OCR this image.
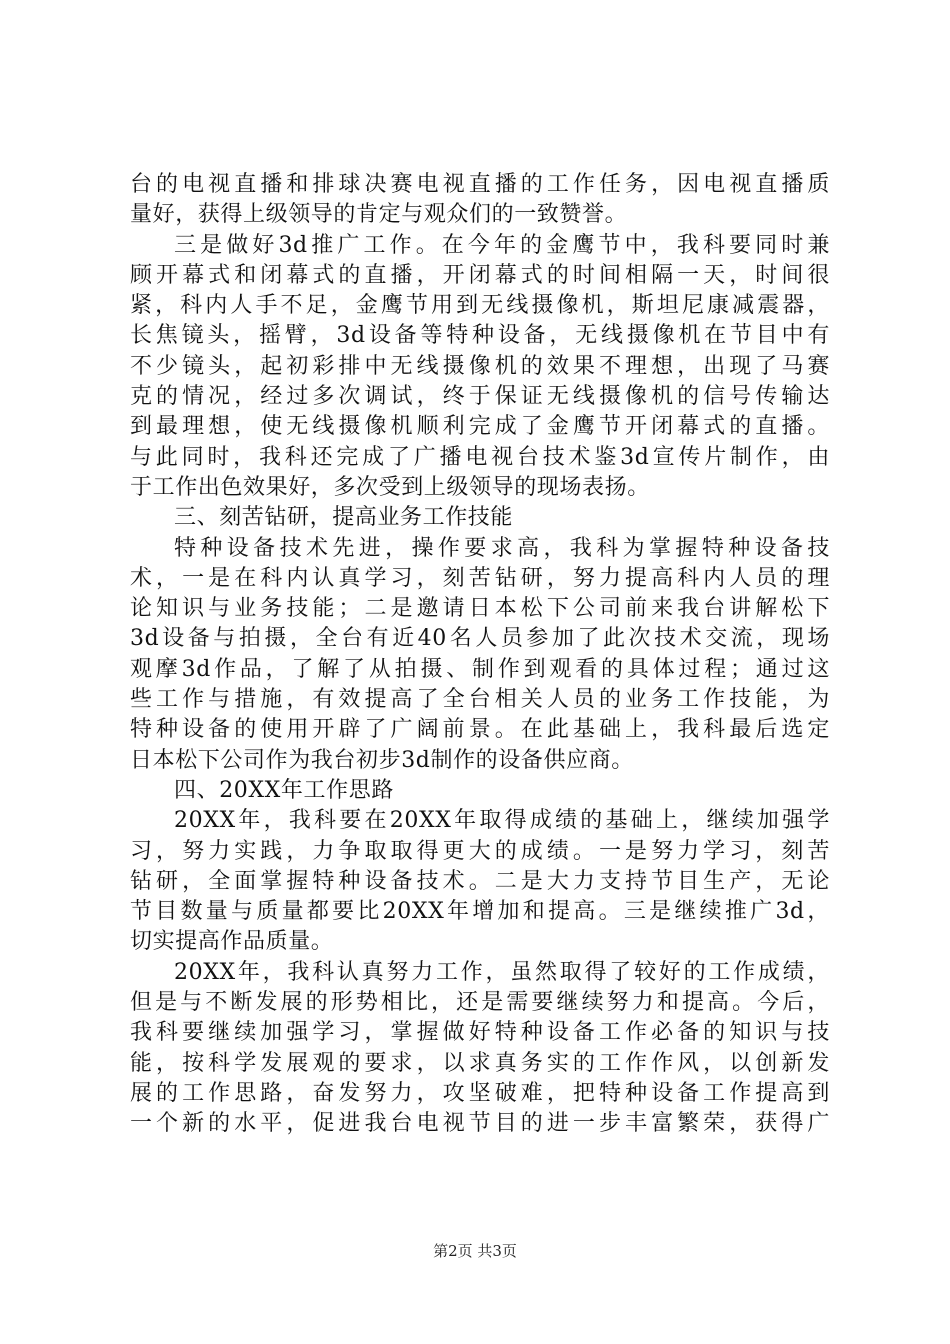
台的电视直播和排球决赛电视直播的工作任务，因电视直播质
量好，获得上级领导的肯定与观众们的一致赞誉。
三是做好3d推广工作。在今年的金鹰节中，我科要同时兼
顾开幕式和闭幕式的直播，开闭幕式的时间相隔一天，时间很
紧，科内人手不足，金鹰节用到无线摄像机，斯坦尼康减震器，
长焦镜头，摇臂，3d设备等特种设备，无线摄像机在节目中有
不少镜头，起初彩排中无线摄像机的效果不理想，出现了马赛
克的情况，经过多次调试，终于保证无线摄像机的信号传输达
到最理想，使无线摄像机顺利完成了金鹰节开闭幕式的直播。
与此同时，我科还完成了广播电视台技术鉴3d宣传片制作，由
于工作出色效果好，多次受到上级领导的现场表扬。
三、刻苦钻研，提高业务工作技能
特种设备技术先进，操作要求高，我科为掌握特种设备技
术，一是在科内认真学习，刻苦钻研，努力提高科内人员的理
论知识与业务技能；二是邀请日本松下公司前来我台讲解松下
3d设备与拍摄，全台有近40名人员参加了此次技术交流，现场
观摩3d作品，了解了从拍摄、制作到观看的具体过程；通过这
些工作与措施，有效提高了全台相关人员的业务工作技能，为
特种设备的使用开辟了广阔前景。在此基础上，我科最后选定
日本松下公司作为我台初步3d制作的设备供应商。
四、20XX年工作思路
20XX年，我科要在20XX年取得成绩的基础上，继续加强学
习，努力实践，力争取取得更大的成绩。一是努力学习，刻苦
钻研，全面掌握特种设备技术。二是大力支持节目生产，无论
节目数量与质量都要比20XX年增加和提高。三是继续推广3d，
切实提高作品质量。
20XX年，我科认真努力工作，虽然取得了较好的工作成绩，
但是与不断发展的形势相比，还是需要继续努力和提高。今后，
我科要继续加强学习，掌握做好特种设备工作必备的知识与技
能，按科学发展观的要求，以求真务实的工作作风，以创新发
展的工作思路，奋发努力，攻坚破难，把特种设备工作提高到
一个新的水平，促进我台电视节目的进一步丰富繁荣，获得广
第2页 共3页
